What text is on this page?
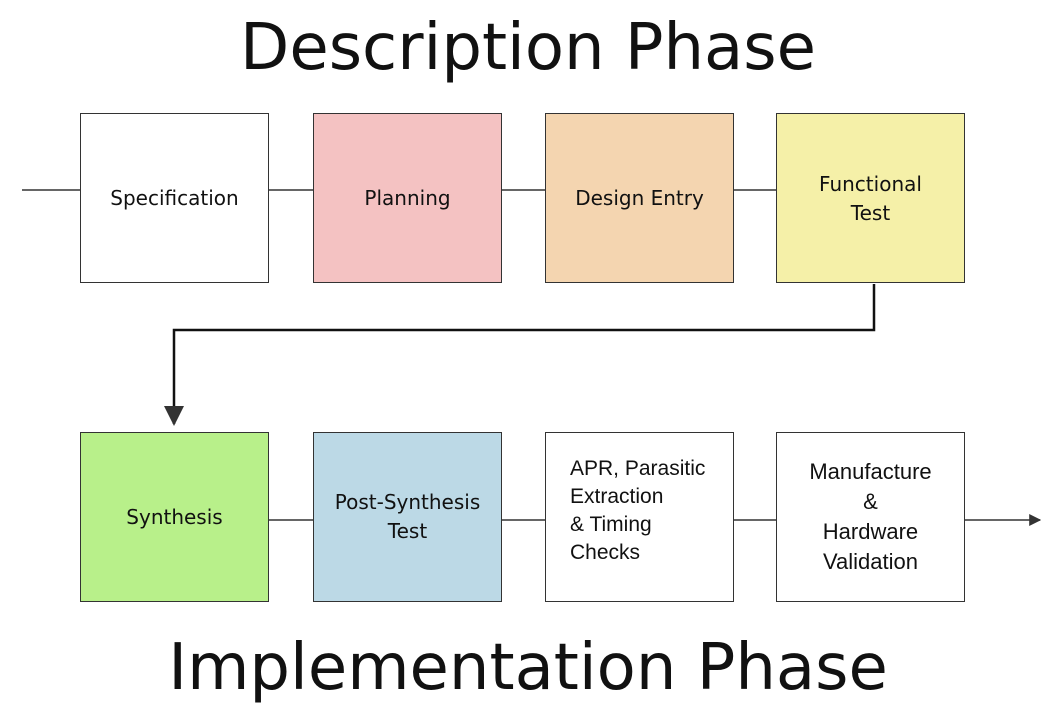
Description Phase
Specification	Planning	Design Entry
Functional
Test
Synthesis
Post-Synthesis
Test
APR, Parasitic
Extraction
& Timing
Checks
Manufacture
&
Hardware
Validation
Implementation Phase
